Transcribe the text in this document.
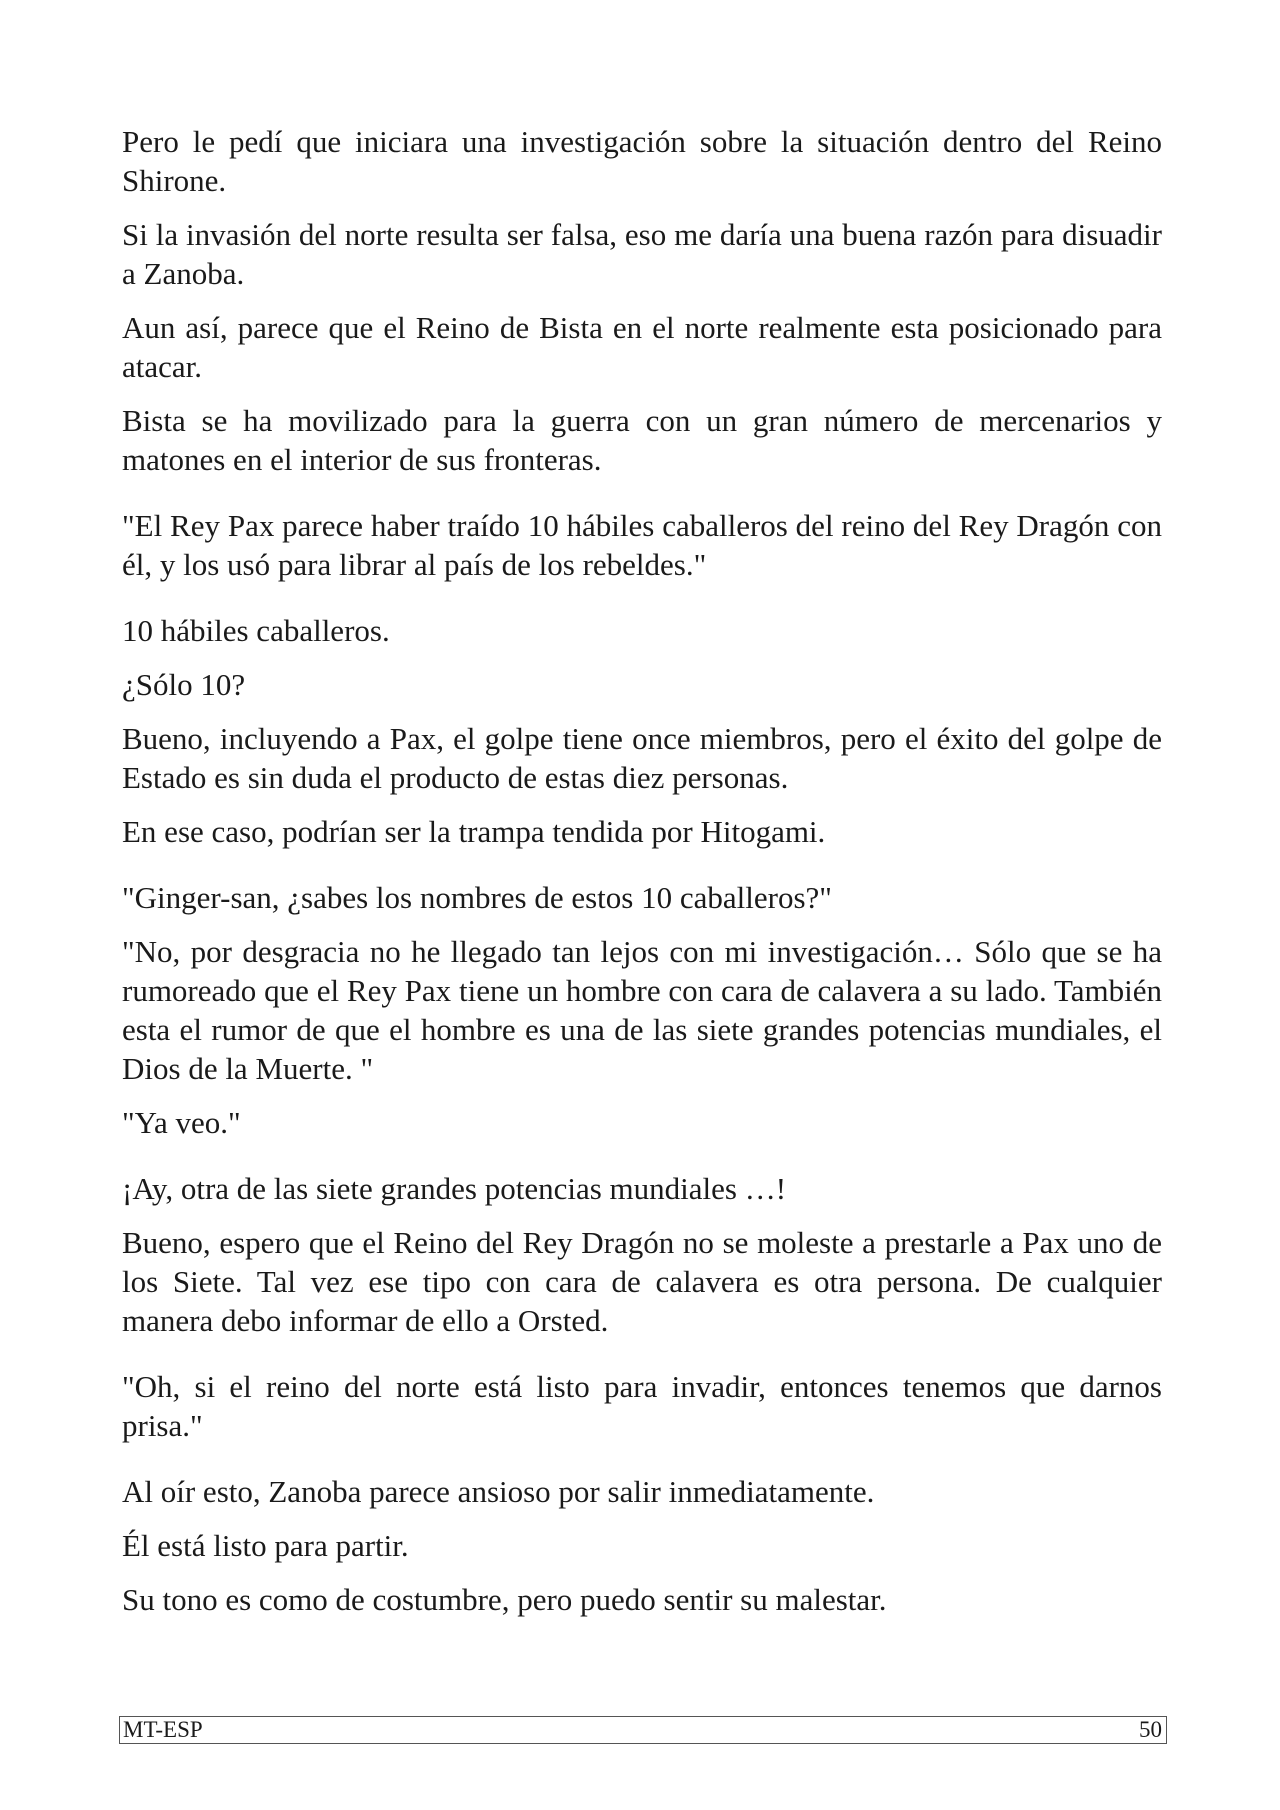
Pero le pedí que iniciara una investigación sobre la situación dentro del Reino Shirone.

Si la invasión del norte resulta ser falsa, eso me daría una buena razón para disuadir a Zanoba.

Aun así, parece que el Reino de Bista en el norte realmente esta posicionado para atacar.

Bista se ha movilizado para la guerra con un gran número de mercenarios y matones en el interior de sus fronteras.

"El Rey Pax parece haber traído 10 hábiles caballeros del reino del Rey Dragón con él, y los usó para librar al país de los rebeldes."

10 hábiles caballeros.

¿Sólo 10?

Bueno, incluyendo a Pax, el golpe tiene once miembros, pero el éxito del golpe de Estado es sin duda el producto de estas diez personas.

En ese caso, podrían ser la trampa tendida por Hitogami.

"Ginger-san, ¿sabes los nombres de estos 10 caballeros?"

"No, por desgracia no he llegado tan lejos con mi investigación… Sólo que se ha rumoreado que el Rey Pax tiene un hombre con cara de calavera a su lado. También esta el rumor de que el hombre es una de las siete grandes potencias mundiales, el Dios de la Muerte. "

"Ya veo."

¡Ay, otra de las siete grandes potencias mundiales …!

Bueno, espero que el Reino del Rey Dragón no se moleste a prestarle a Pax uno de los Siete. Tal vez ese tipo con cara de calavera es otra persona. De cualquier manera debo informar de ello a Orsted.

"Oh, si el reino del norte está listo para invadir, entonces tenemos que darnos prisa."

Al oír esto, Zanoba parece ansioso por salir inmediatamente.

Él está listo para partir.

Su tono es como de costumbre, pero puedo sentir su malestar.

MT-ESP	50
